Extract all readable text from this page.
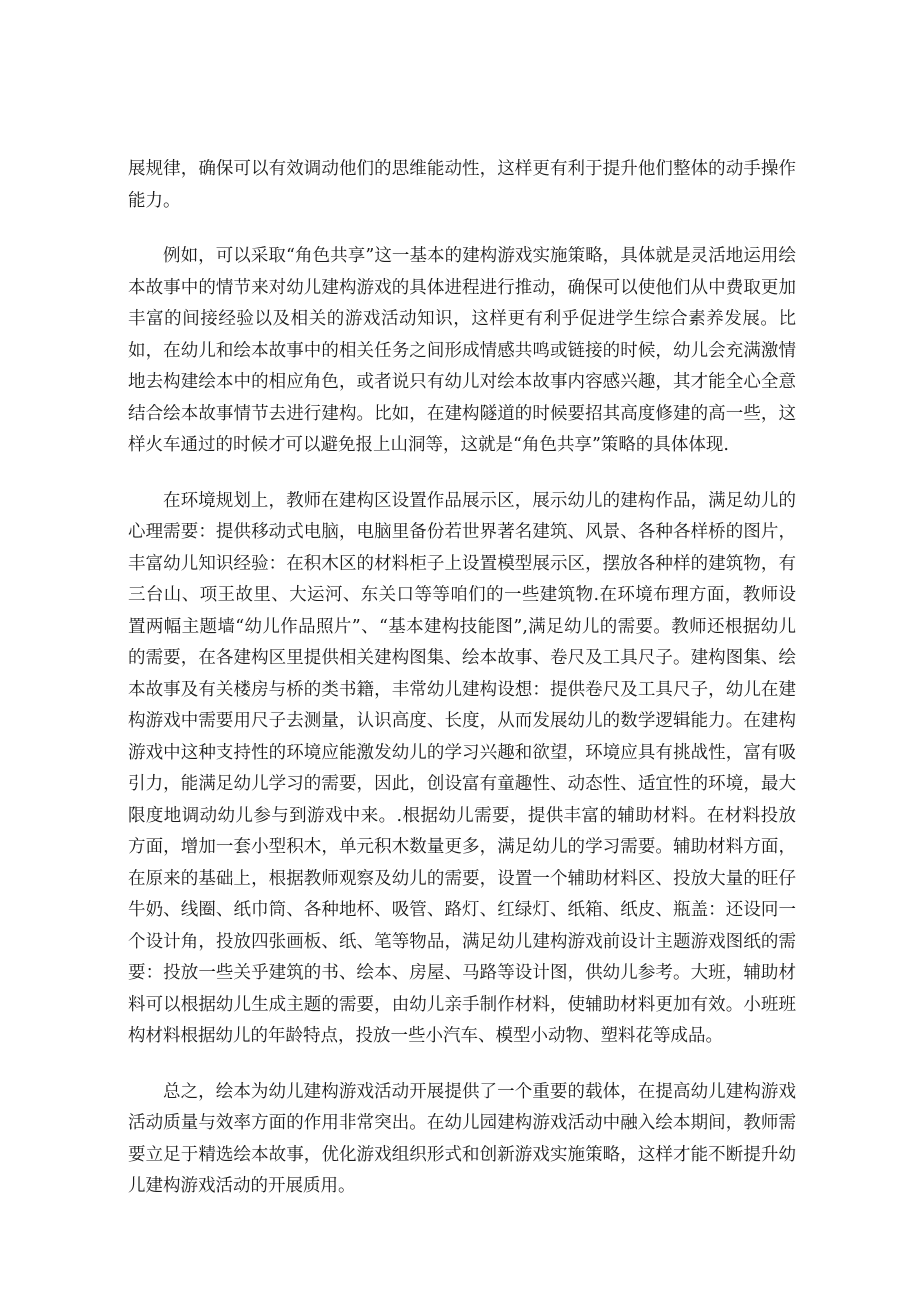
展规律，确保可以有效调动他们的思维能动性，这样更有利于提升他们整体的动手操作能力。

例如，可以采取“角色共享”这一基本的建构游戏实施策略，具体就是灵活地运用绘本故事中的情节来对幼儿建构游戏的具体进程进行推动，确保可以使他们从中费取更加丰富的间接经验以及相关的游戏活动知识，这样更有利乎促进学生综合素养发展。比如，在幼儿和绘本故事中的相关任务之间形成情感共鸣或链接的时候，幼儿会充满激情地去构建绘本中的相应角色，或者说只有幼儿对绘本故事内容感兴趣，其才能全心全意结合绘本故事情节去进行建构。比如，在建构隧道的时候要招其高度修建的高一些，这样火车通过的时候才可以避免报上山洞等，这就是“角色共享”策略的具体体现.

在环境规划上，教师在建构区设置作品展示区，展示幼儿的建构作品，满足幼儿的心理需要：提供移动式电脑，电脑里备份若世界著名建筑、风景、各种各样桥的图片，丰富幼儿知识经验：在积木区的材料柜子上设置模型展示区，摆放各种样的建筑物，有三台山、项王故里、大运河、东关口等等咱们的一些建筑物.在环境布理方面，教师设置两幅主题墙“幼儿作品照片”、“基本建构技能图”,满足幼儿的需要。教师还根据幼儿的需要，在各建构区里提供相关建构图集、绘本故事、卷尺及工具尺子。建构图集、绘本故事及有关楼房与桥的类书籍，丰常幼儿建构设想：提供卷尺及工具尺子，幼儿在建构游戏中需要用尺子去测量，认识高度、长度，从而发展幼儿的数学逻辑能力。在建构游戏中这种支持性的环境应能激发幼儿的学习兴趣和欲望，环境应具有挑战性，富有吸引力，能满足幼儿学习的需要，因此，创设富有童趣性、动态性、适宜性的环境，最大限度地调动幼儿参与到游戏中来。.根据幼儿需要，提供丰富的辅助材料。在材料投放方面，增加一套小型积木，单元积木数量更多，满足幼儿的学习需要。辅助材料方面，在原来的基础上，根据教师观察及幼儿的需要，设置一个辅助材料区、投放大量的旺仔牛奶、线圈、纸巾筒、各种地杯、吸管、路灯、红绿灯、纸箱、纸皮、瓶盖：还设冋一个设计角，投放四张画板、纸、笔等物品，满足幼儿建构游戏前设计主题游戏图纸的需要：投放一些关乎建筑的书、绘本、房屋、马路等设计图，供幼儿参考。大班，辅助材料可以根据幼儿生成主题的需要，由幼儿亲手制作材料，使辅助材料更加有效。小班班构材料根据幼儿的年龄特点，投放一些小汽车、模型小动物、塑料花等成品。

总之，绘本为幼儿建构游戏活动开展提供了一个重要的载体，在提高幼儿建构游戏活动质量与效率方面的作用非常突出。在幼儿园建构游戏活动中融入绘本期间，教师需要立足于精选绘本故事，优化游戏组织形式和创新游戏实施策略，这样才能不断提升幼儿建构游戏活动的开展质用。
